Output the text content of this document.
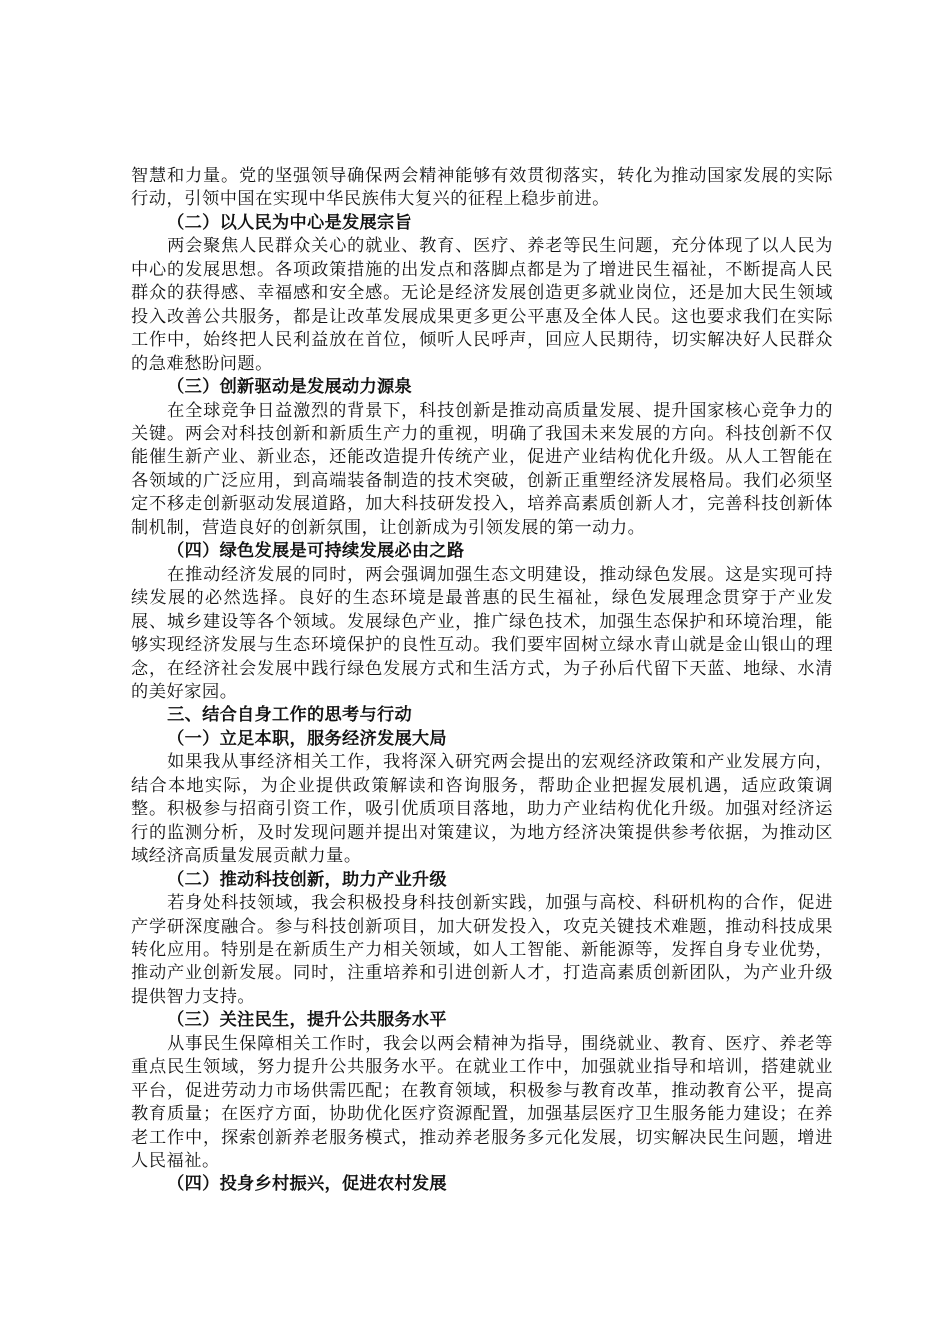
智慧和力量。党的坚强领导确保两会精神能够有效贯彻落实，转化为推动国家发展的实际行动，引领中国在实现中华民族伟大复兴的征程上稳步前进。

（二）以人民为中心是发展宗旨

两会聚焦人民群众关心的就业、教育、医疗、养老等民生问题，充分体现了以人民为中心的发展思想。各项政策措施的出发点和落脚点都是为了增进民生福祉，不断提高人民群众的获得感、幸福感和安全感。无论是经济发展创造更多就业岗位，还是加大民生领域投入改善公共服务，都是让改革发展成果更多更公平惠及全体人民。这也要求我们在实际工作中，始终把人民利益放在首位，倾听人民呼声，回应人民期待，切实解决好人民群众的急难愁盼问题。

（三）创新驱动是发展动力源泉

在全球竞争日益激烈的背景下，科技创新是推动高质量发展、提升国家核心竞争力的关键。两会对科技创新和新质生产力的重视，明确了我国未来发展的方向。科技创新不仅能催生新产业、新业态，还能改造提升传统产业，促进产业结构优化升级。从人工智能在各领域的广泛应用，到高端装备制造的技术突破，创新正重塑经济发展格局。我们必须坚定不移走创新驱动发展道路，加大科技研发投入，培养高素质创新人才，完善科技创新体制机制，营造良好的创新氛围，让创新成为引领发展的第一动力。

（四）绿色发展是可持续发展必由之路

在推动经济发展的同时，两会强调加强生态文明建设，推动绿色发展。这是实现可持续发展的必然选择。良好的生态环境是最普惠的民生福祉，绿色发展理念贯穿于产业发展、城乡建设等各个领域。发展绿色产业，推广绿色技术，加强生态保护和环境治理，能够实现经济发展与生态环境保护的良性互动。我们要牢固树立绿水青山就是金山银山的理念，在经济社会发展中践行绿色发展方式和生活方式，为子孙后代留下天蓝、地绿、水清的美好家园。

三、结合自身工作的思考与行动

（一）立足本职，服务经济发展大局

如果我从事经济相关工作，我将深入研究两会提出的宏观经济政策和产业发展方向，结合本地实际，为企业提供政策解读和咨询服务，帮助企业把握发展机遇，适应政策调整。积极参与招商引资工作，吸引优质项目落地，助力产业结构优化升级。加强对经济运行的监测分析，及时发现问题并提出对策建议，为地方经济决策提供参考依据，为推动区域经济高质量发展贡献力量。

（二）推动科技创新，助力产业升级

若身处科技领域，我会积极投身科技创新实践，加强与高校、科研机构的合作，促进产学研深度融合。参与科技创新项目，加大研发投入，攻克关键技术难题，推动科技成果转化应用。特别是在新质生产力相关领域，如人工智能、新能源等，发挥自身专业优势，推动产业创新发展。同时，注重培养和引进创新人才，打造高素质创新团队，为产业升级提供智力支持。

（三）关注民生，提升公共服务水平

从事民生保障相关工作时，我会以两会精神为指导，围绕就业、教育、医疗、养老等重点民生领域，努力提升公共服务水平。在就业工作中，加强就业指导和培训，搭建就业平台，促进劳动力市场供需匹配；在教育领域，积极参与教育改革，推动教育公平，提高教育质量；在医疗方面，协助优化医疗资源配置，加强基层医疗卫生服务能力建设；在养老工作中，探索创新养老服务模式，推动养老服务多元化发展，切实解决民生问题，增进人民福祉。

（四）投身乡村振兴，促进农村发展
